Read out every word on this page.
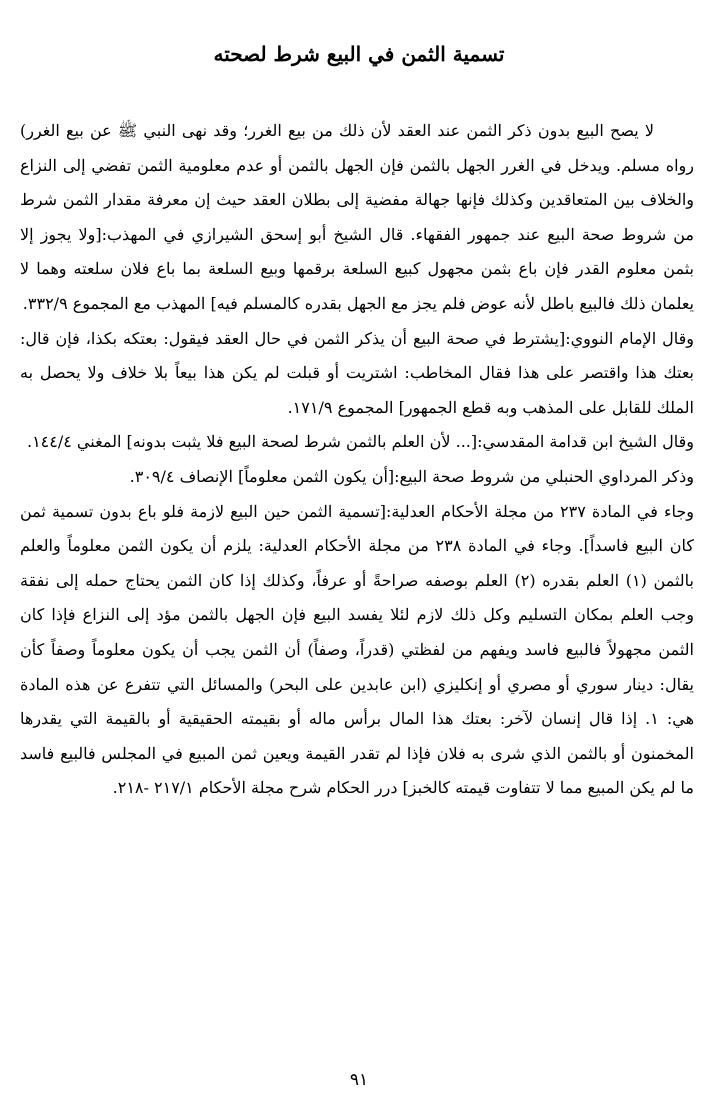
تسمية الثمن في البيع شرط لصحته

لا يصح البيع بدون ذكر الثمن عند العقد لأن ذلك من بيع الغرر؛ وقد نهى النبي ﷺ عن بيع الغرر) رواه مسلم. ويدخل في الغرر الجهل بالثمن فإن الجهل بالثمن أو عدم معلومية الثمن تفضي إلى النزاع والخلاف بين المتعاقدين وكذلك فإنها جهالة مفضية إلى بطلان العقد حيث إن معرفة مقدار الثمن شرط من شروط صحة البيع عند جمهور الفقهاء. قال الشيخ أبو إسحق الشيرازي في المهذب:[ولا يجوز إلا بثمن معلوم القدر فإن باع بثمن مجهول كبيع السلعة برقمها وبيع السلعة بما باع فلان سلعته وهما لا يعلمان ذلك فالبيع باطل لأنه عوض فلم يجز مع الجهل بقدره كالمسلم فيه] المهذب مع المجموع ٣٣٢/٩.

وقال الإمام النووي:[يشترط في صحة البيع أن يذكر الثمن في حال العقد فيقول: بعتكه بكذا، فإن قال: بعتك هذا واقتصر على هذا فقال المخاطب: اشتريت أو قبلت لم يكن هذا بيعاً بلا خلاف ولا يحصل به الملك للقابل على المذهب وبه قطع الجمهور] المجموع ١٧١/٩.

وقال الشيخ ابن قدامة المقدسي:[... لأن العلم بالثمن شرط لصحة البيع فلا يثبت بدونه] المغني ١٤٤/٤.

وذكر المرداوي الحنبلي من شروط صحة البيع:[أن يكون الثمن معلوماً] الإنصاف ٣٠٩/٤.

وجاء في المادة ٢٣٧ من مجلة الأحكام العدلية:[تسمية الثمن حين البيع لازمة فلو باع بدون تسمية ثمن كان البيع فاسداً]. وجاء في المادة ٢٣٨ من مجلة الأحكام العدلية: يلزم أن يكون الثمن معلوماً والعلم بالثمن (١) العلم بقدره (٢) العلم بوصفه صراحةً أو عرفاً، وكذلك إذا كان الثمن يحتاج حمله إلى نفقة وجب العلم بمكان التسليم وكل ذلك لازم لئلا يفسد البيع فإن الجهل بالثمن مؤد إلى النزاع فإذا كان الثمن مجهولاً فالبيع فاسد ويفهم من لفظتي (قدراً، وصفاً) أن الثمن يجب أن يكون معلوماً وصفاً كأن يقال: دينار سوري أو مصري أو إنكليزي (ابن عابدين على البحر) والمسائل التي تتفرع عن هذه المادة هي: ١. إذا قال إنسان لآخر: بعتك هذا المال برأس ماله أو بقيمته الحقيقية أو بالقيمة التي يقدرها المخمنون أو بالثمن الذي شرى به فلان فإذا لم تقدر القيمة ويعين ثمن المبيع في المجلس فالبيع فاسد ما لم يكن المبيع مما لا تتفاوت قيمته كالخبز] درر الحكام شرح مجلة الأحكام ٢١٧/١ -٢١٨.

٩١
